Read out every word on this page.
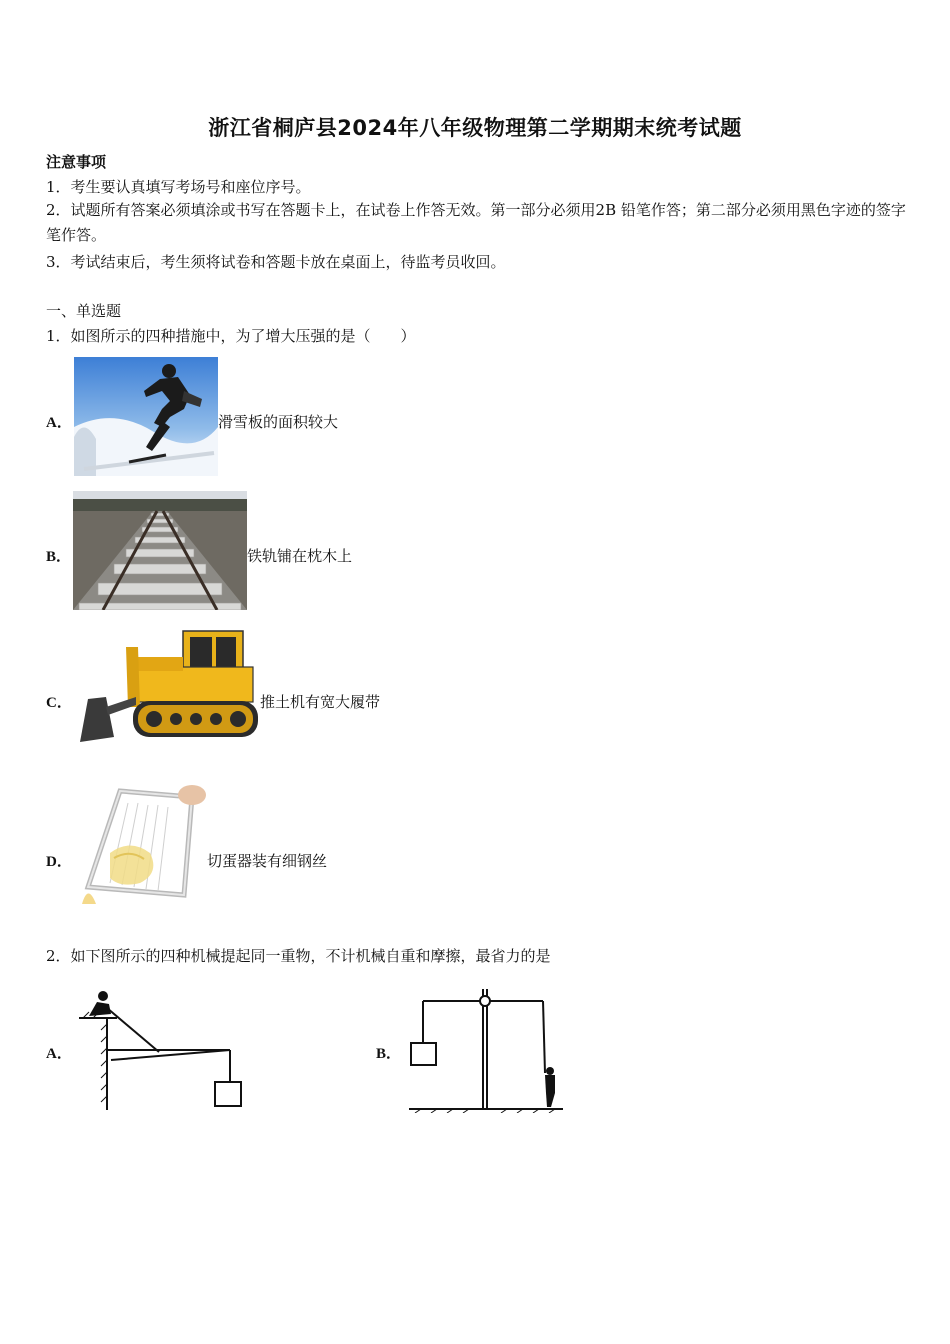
浙江省桐庐县2024年八年级物理第二学期期末统考试题
注意事项
1．考生要认真填写考场号和座位序号。
2．试题所有答案必须填涂或书写在答题卡上，在试卷上作答无效。第一部分必须用2B 铅笔作答；第二部分必须用黑色字迹的签字笔作答。
3．考试结束后，考生须将试卷和答题卡放在桌面上，待监考员收回。
一、单选题
1．如图所示的四种措施中，为了增大压强的是（　　）
A．	滑雪板的面积较大
B．	铁轨铺在枕木上
C．	推土机有宽大履带
D．	切蛋器装有细钢丝
2．如下图所示的四种机械提起同一重物，不计机械自重和摩擦，最省力的是
A．	B．
